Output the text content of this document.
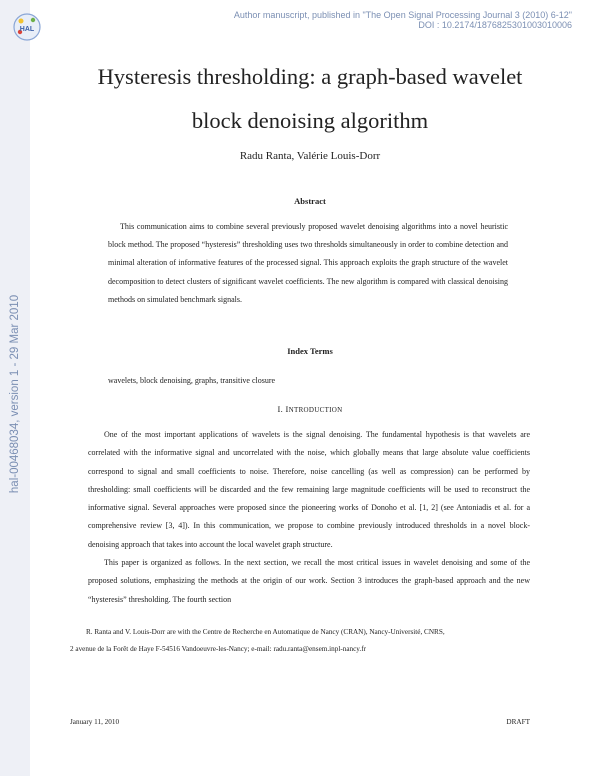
HAL
hal-00468034, version 1 - 29 Mar 2010
Author manuscript, published in "The Open Signal Processing Journal 3 (2010) 6-12"
DOI : 10.2174/1876825301003010006
Hysteresis thresholding: a graph-based wavelet
block denoising algorithm
Radu Ranta, Valérie Louis-Dorr
Abstract
This communication aims to combine several previously proposed wavelet denoising algorithms into a novel heuristic block method. The proposed “hysteresis” thresholding uses two thresholds simultaneously in order to combine detection and minimal alteration of informative features of the processed signal. This approach exploits the graph structure of the wavelet decomposition to detect clusters of significant wavelet coefficients. The new algorithm is compared with classical denoising methods on simulated benchmark signals.
Index Terms
wavelets, block denoising, graphs, transitive closure
I. INTRODUCTION

One of the most important applications of wavelets is the signal denoising. The fundamental hypothesis is that wavelets are correlated with the informative signal and uncorrelated with the noise, which globally means that large absolute value coefficients correspond to signal and small coefficients to noise. Therefore, noise cancelling (as well as compression) can be performed by thresholding: small coefficients will be discarded and the few remaining large magnitude coefficients will be used to reconstruct the informative signal. Several approaches were proposed since the pioneering works of Donoho et al. [1, 2] (see Antoniadis et al. for a comprehensive review [3, 4]). In this communication, we propose to combine previously introduced thresholds in a novel block-denoising approach that takes into account the local wavelet graph structure.

This paper is organized as follows. In the next section, we recall the most critical issues in wavelet denoising and some of the proposed solutions, emphasizing the methods at the origin of our work. Section 3 introduces the graph-based approach and the new “hysteresis” thresholding. The fourth section

R. Ranta and V. Louis-Dorr are with the Centre de Recherche en Automatique de Nancy (CRAN), Nancy-Université, CNRS,
2 avenue de la Forêt de Haye F-54516 Vandoeuvre-les-Nancy; e-mail: radu.ranta@ensem.inpl-nancy.fr
January 11, 2010	DRAFT
